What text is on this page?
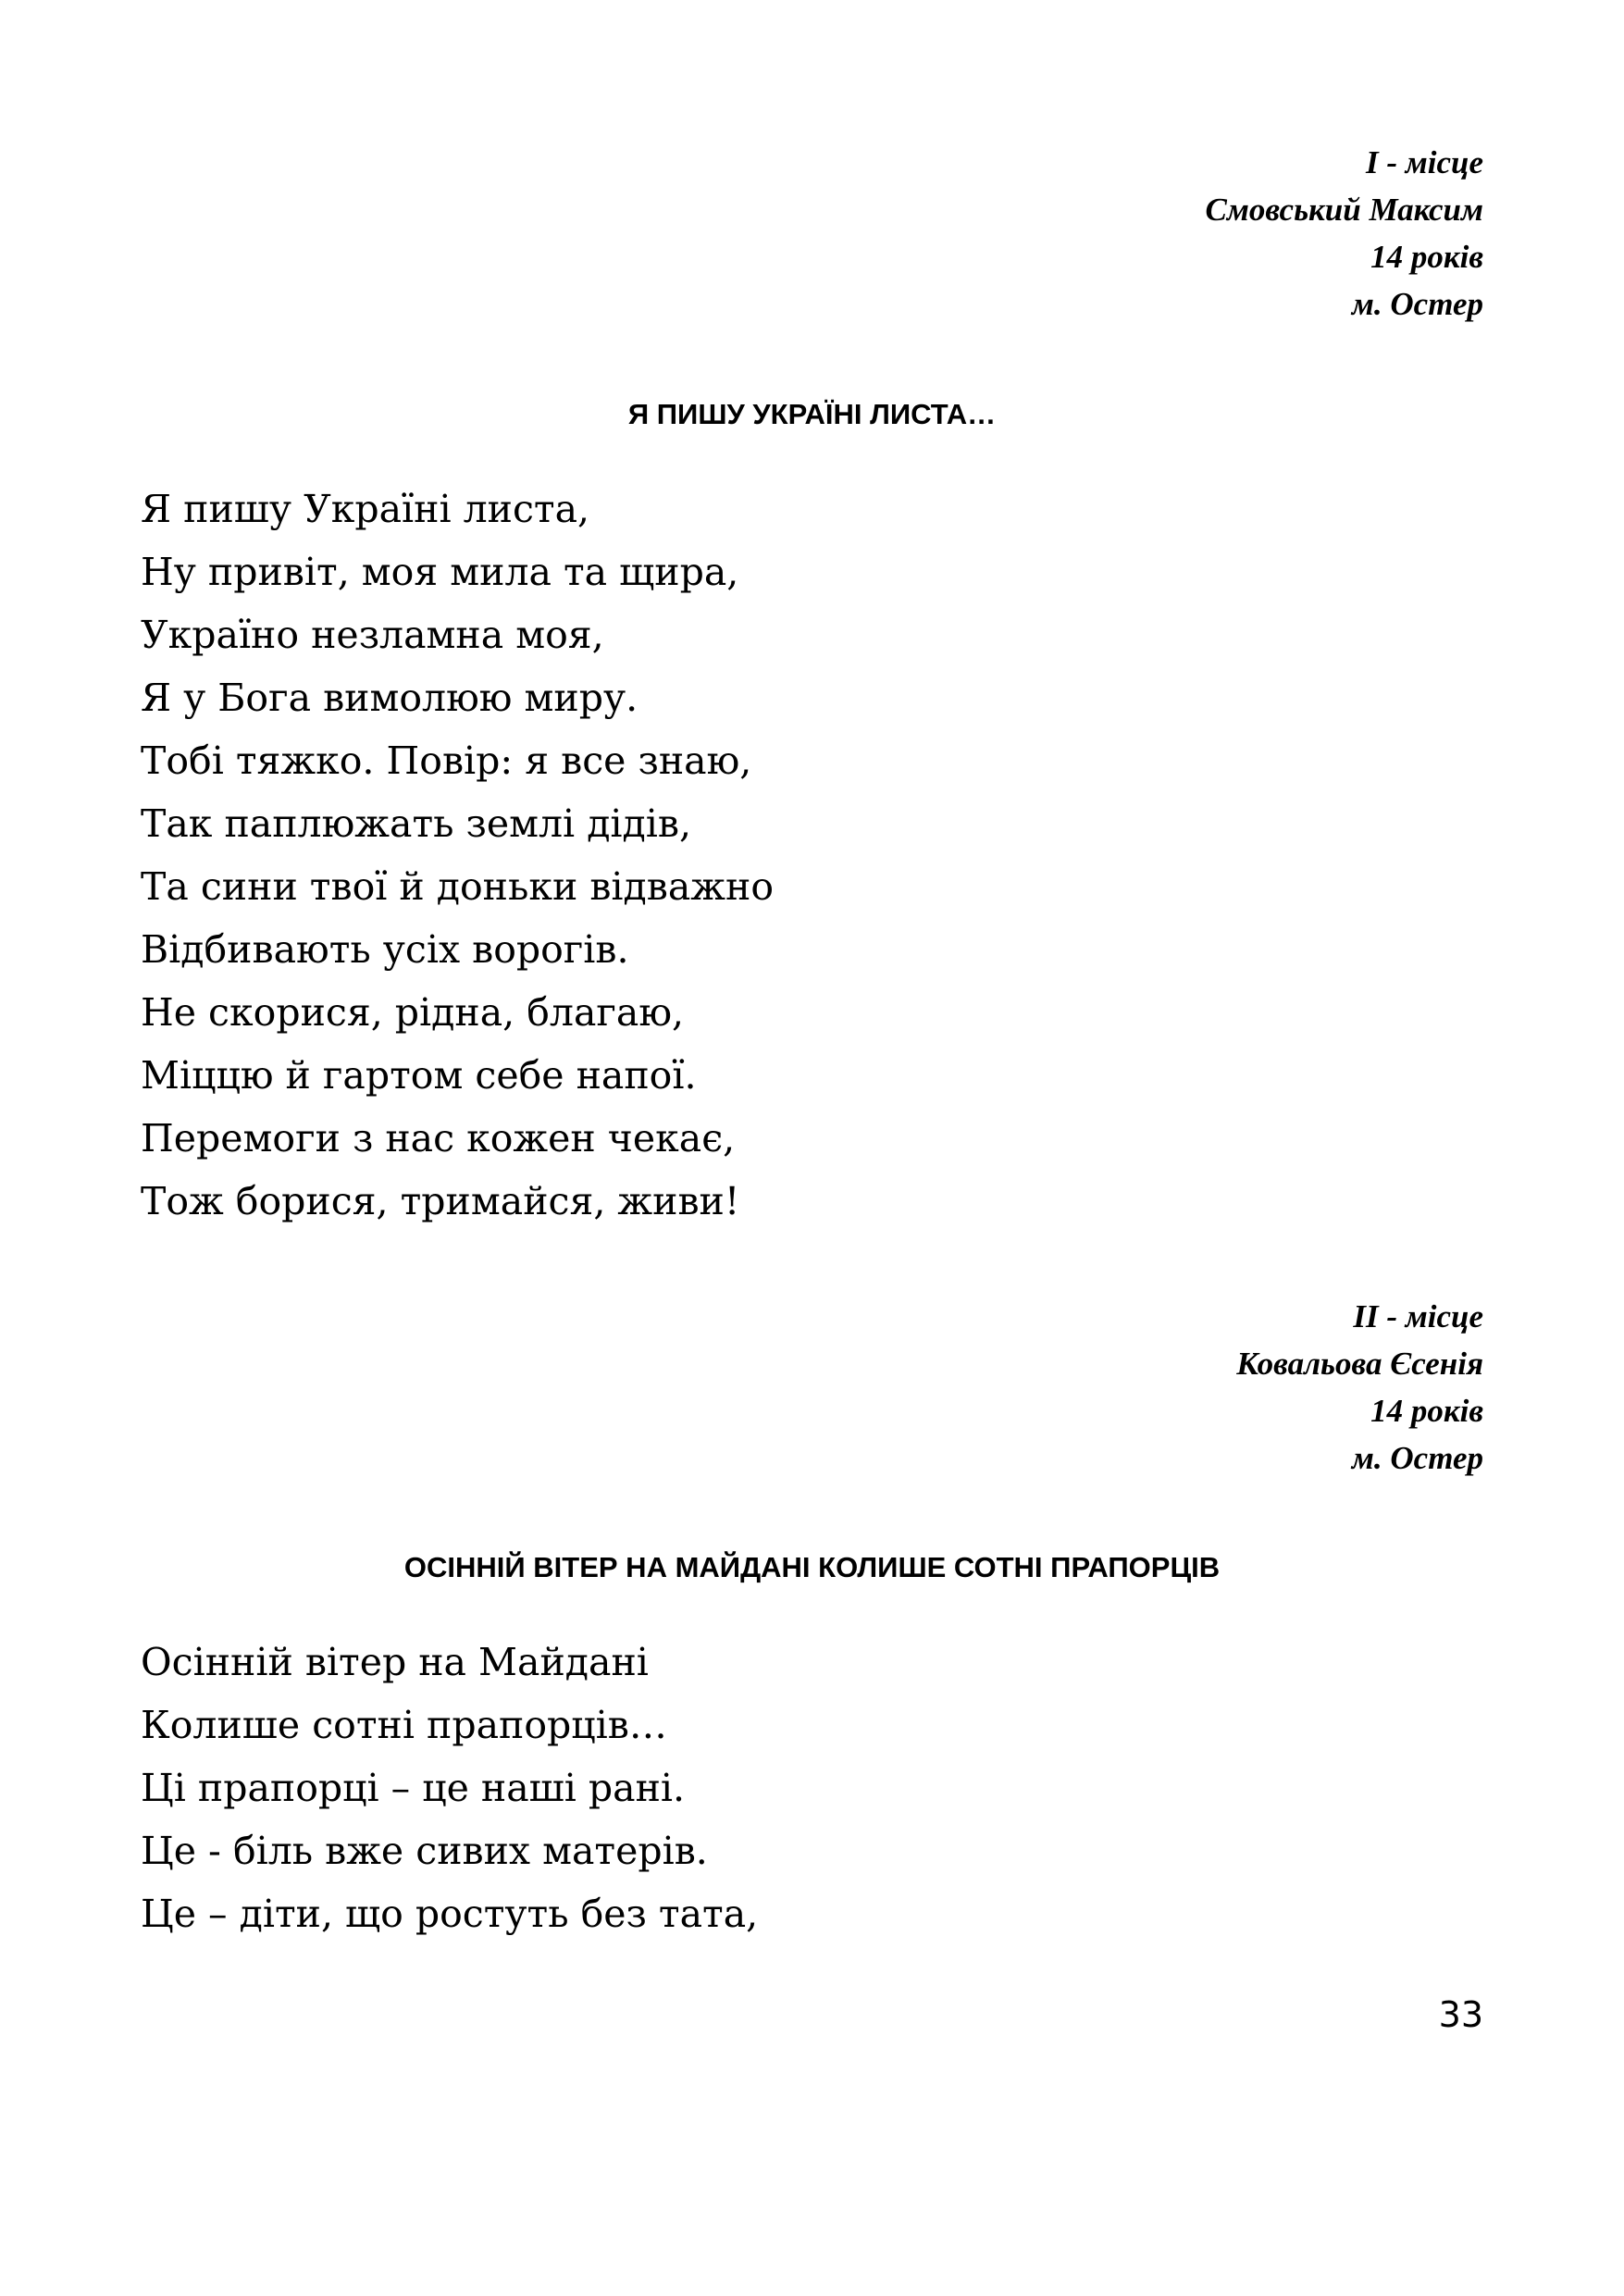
I - місце
Смовський Максим
14 років
м. Остер
Я ПИШУ УКРАЇНІ ЛИСТА…
Я пишу Україні листа,
Ну привіт, моя мила та щира,
Україно незламна моя,
Я у Бога вимолюю миру.
Тобі тяжко. Повір: я все знаю,
Так паплюжать землі дідів,
Та сини твої й доньки відважно
Відбивають усіх ворогів.
Не скорися, рідна, благаю,
Міццю й гартом себе напої.
Перемоги з нас кожен чекає,
Тож борися, тримайся, живи!
II - місце
Ковальова Єсенія
14 років
м. Остер
ОСІННІЙ ВІТЕР НА МАЙДАНІ КОЛИШЕ СОТНІ ПРАПОРЦІВ
Осінній вітер на Майдані
Колише сотні прапорців…
Ці прапорці – це наші рані.
Це - біль вже сивих матерів.
Це – діти, що ростуть без тата,
33
